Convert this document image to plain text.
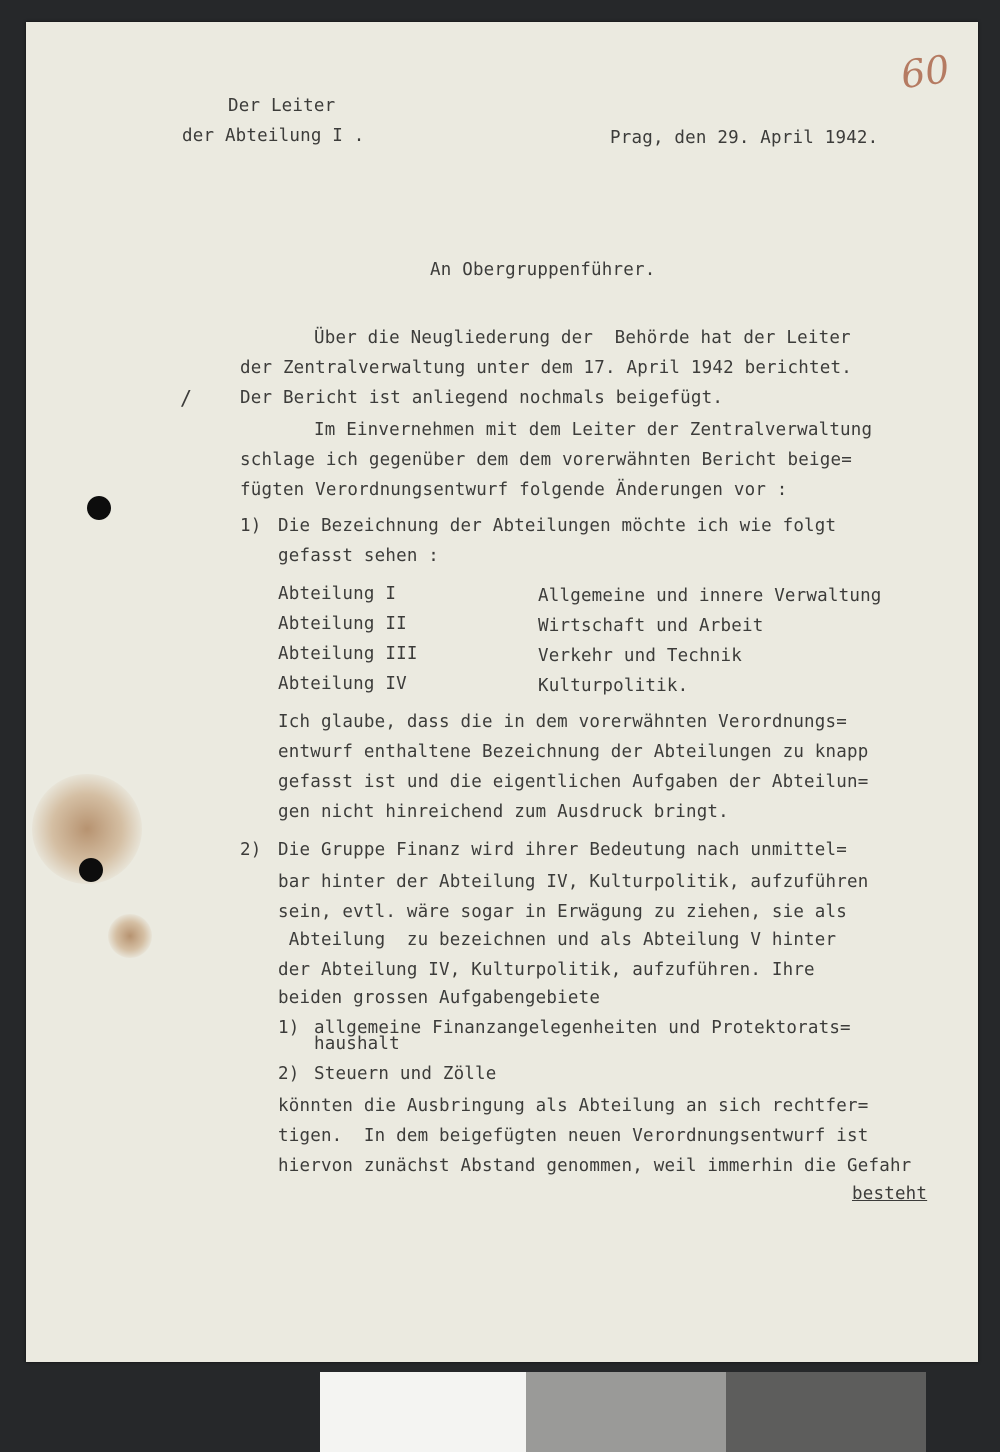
60
Der Leiter
der Abteilung I .	Prag, den 29. April 1942.
An Obergruppenführer.
Über die Neugliederung der  Behörde hat der Leiter
der Zentralverwaltung unter dem 17. April 1942 berichtet.
Der Bericht ist anliegend nochmals beigefügt.
/
Im Einvernehmen mit dem Leiter der Zentralverwaltung
schlage ich gegenüber dem dem vorerwähnten Bericht beige=
fügten Verordnungsentwurf folgende Änderungen vor :
1) Die Bezeichnung der Abteilungen möchte ich wie folgt
gefasst sehen :
Abteilung I	Allgemeine und innere Verwaltung
Abteilung II	Wirtschaft und Arbeit
Abteilung III	Verkehr und Technik
Abteilung IV	Kulturpolitik.
Ich glaube, dass die in dem vorerwähnten Verordnungs=
entwurf enthaltene Bezeichnung der Abteilungen zu knapp
gefasst ist und die eigentlichen Aufgaben der Abteilun=
gen nicht hinreichend zum Ausdruck bringt.
2) Die Gruppe Finanz wird ihrer Bedeutung nach unmittel=
bar hinter der Abteilung IV, Kulturpolitik, aufzuführen
sein, evtl. wäre sogar in Erwägung zu ziehen, sie als
Abteilung  zu bezeichnen und als Abteilung V hinter
der Abteilung IV, Kulturpolitik, aufzuführen. Ihre
beiden grossen Aufgabengebiete
1) allgemeine Finanzangelegenheiten und Protektorats=
haushalt
2) Steuern und Zölle
könnten die Ausbringung als Abteilung an sich rechtfer=
tigen.  In dem beigefügten neuen Verordnungsentwurf ist
hiervon zunächst Abstand genommen, weil immerhin die Gefahr
besteht
